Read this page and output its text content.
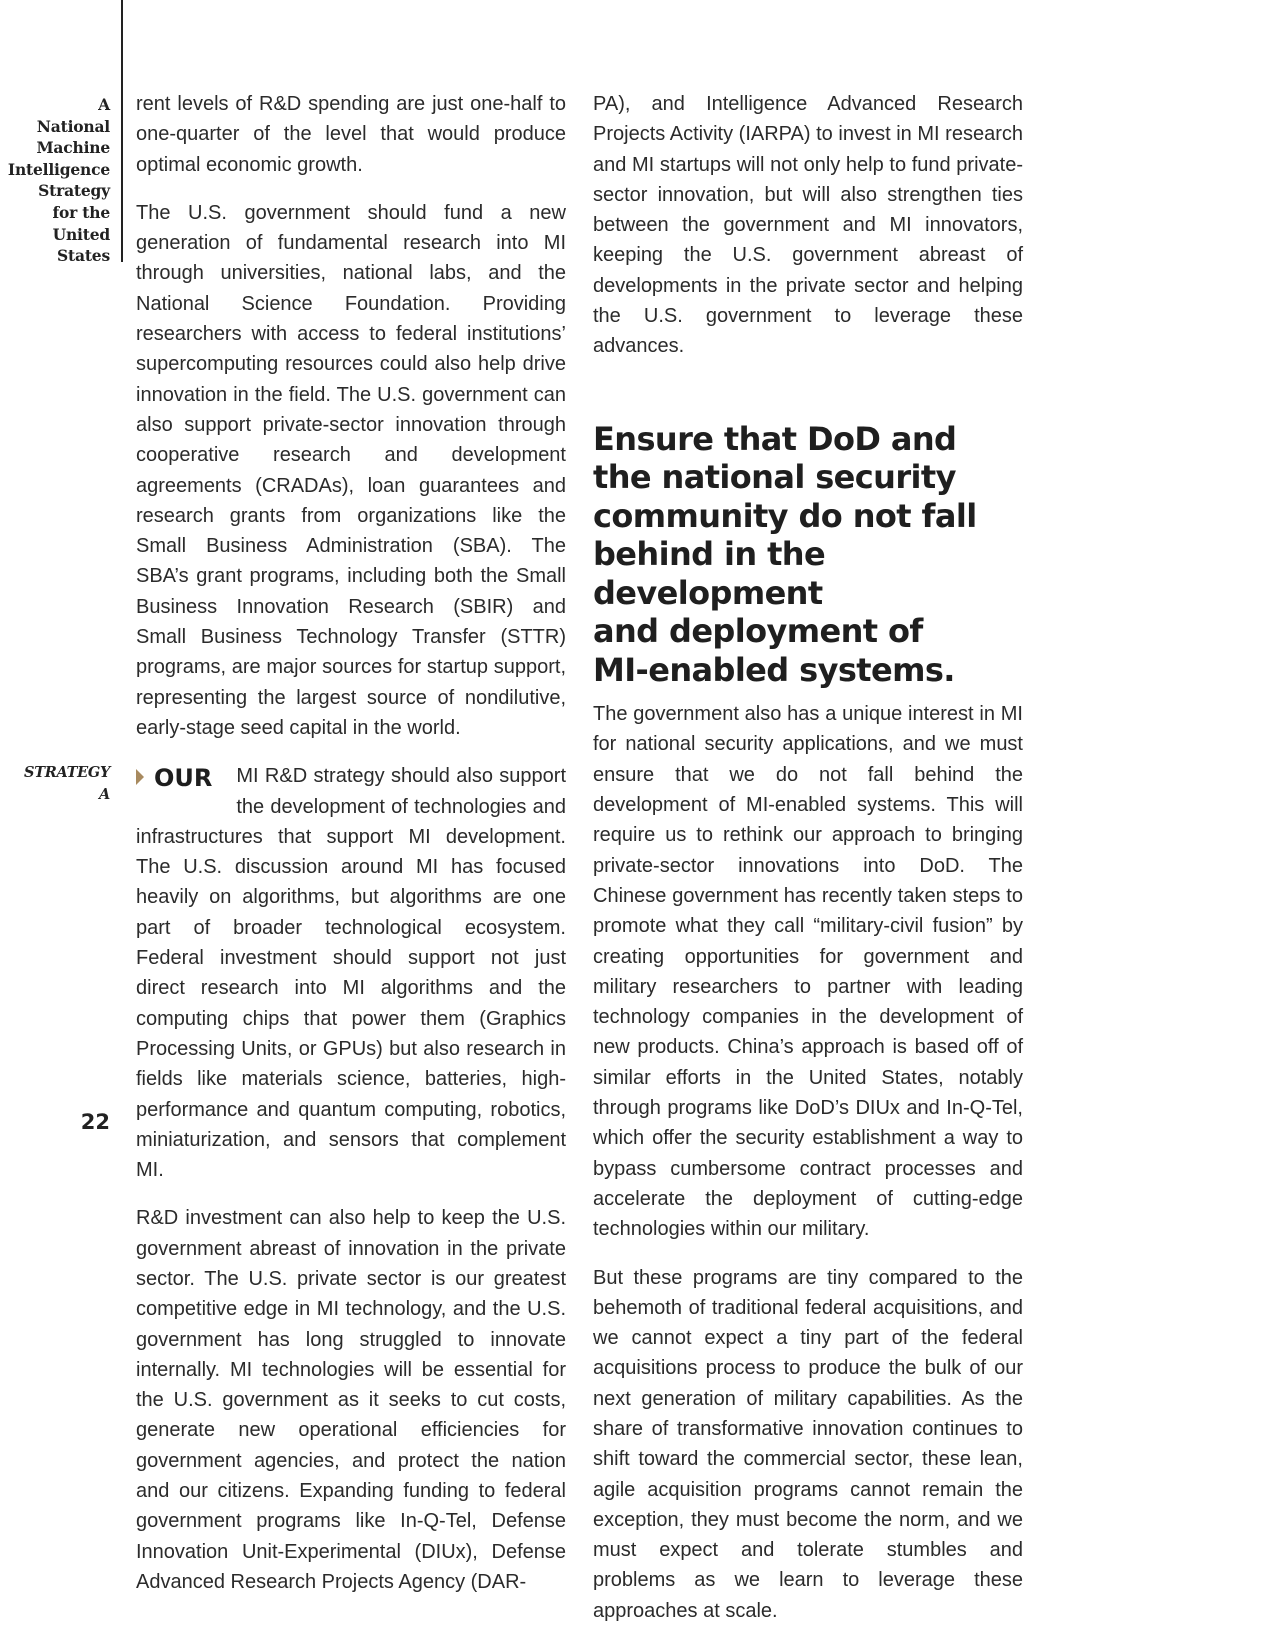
A
National
Machine
Intelligence
Strategy
for the
United
States
STRATEGY
A
22

rent levels of R&D spending are just one-half to one-quarter of the level that would produce optimal economic growth.

The U.S. government should fund a new generation of fundamental research into MI through universities, national labs, and the National Science Foundation. Providing researchers with access to federal institutions’ supercomputing resources could also help drive innovation in the field. The U.S. government can also support private-sector innovation through cooperative research and development agreements (CRADAs), loan guarantees and research grants from organizations like the Small Business Administration (SBA). The SBA’s grant programs, including both the Small Business Innovation Research (SBIR) and Small Business Technology Transfer (STTR) programs, are major sources for startup support, representing the largest source of nondilutive, early-stage seed capital in the world.

OUR MI R&D strategy should also support the development of technologies and infrastructures that support MI development. The U.S. discussion around MI has focused heavily on algorithms, but algorithms are one part of broader technological ecosystem. Federal investment should support not just direct research into MI algorithms and the computing chips that power them (Graphics Processing Units, or GPUs) but also research in fields like materials science, batteries, high-performance and quantum computing, robotics, miniaturization, and sensors that complement MI.

R&D investment can also help to keep the U.S. government abreast of innovation in the private sector. The U.S. private sector is our greatest competitive edge in MI technology, and the U.S. government has long struggled to innovate internally. MI technologies will be essential for the U.S. government as it seeks to cut costs, generate new operational efficiencies for government agencies, and protect the nation and our citizens. Expanding funding to federal government programs like In-Q-Tel, Defense Innovation Unit-Experimental (DIUx), Defense Advanced Research Projects Agency (DAR-

PA), and Intelligence Advanced Research Projects Activity (IARPA) to invest in MI research and MI startups will not only help to fund private-sector innovation, but will also strengthen ties between the government and MI innovators, keeping the U.S. government abreast of developments in the private sector and helping the U.S. government to leverage these advances.

Ensure that DoD and
the national security
community do not fall
behind in the development
and deployment of
MI-enabled systems.

The government also has a unique interest in MI for national security applications, and we must ensure that we do not fall behind the development of MI-enabled systems. This will require us to rethink our approach to bringing private-sector innovations into DoD. The Chinese government has recently taken steps to promote what they call “military-civil fusion” by creating opportunities for government and military researchers to partner with leading technology companies in the development of new products. China’s approach is based off of similar efforts in the United States, notably through programs like DoD’s DIUx and In-Q-Tel, which offer the security establishment a way to bypass cumbersome contract processes and accelerate the deployment of cutting-edge technologies within our military.

But these programs are tiny compared to the behemoth of traditional federal acquisitions, and we cannot expect a tiny part of the federal acquisitions process to produce the bulk of our next generation of military capabilities. As the share of transformative innovation continues to shift toward the commercial sector, these lean, agile acquisition programs cannot remain the exception, they must become the norm, and we must expect and tolerate stumbles and problems as we learn to leverage these approaches at scale.
